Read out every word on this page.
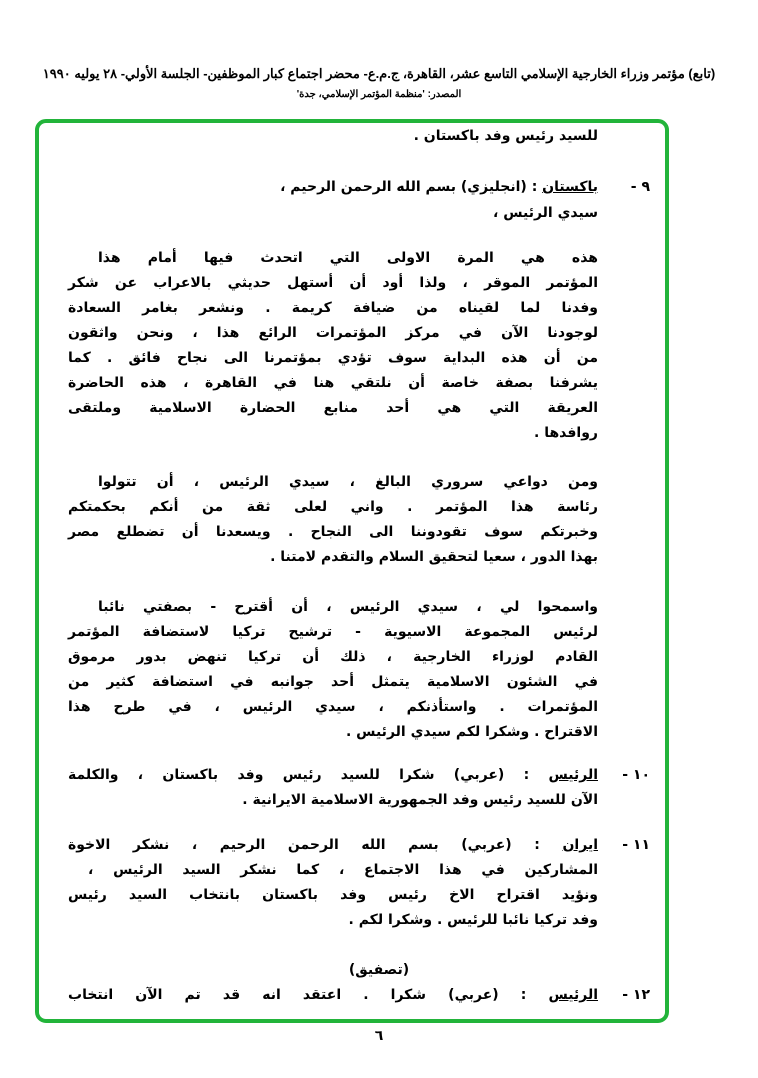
(تابع) مؤتمر وزراء الخارجية الإسلامي التاسع عشر، القاهرة، ج.م.ع- محضر اجتماع كبار الموظفين- الجلسة الأولي- ٢٨ يوليه ١٩٩٠
المصدر: 'منظمة المؤتمر الإسلامي، جدة'
للسيد رئيس وفد باكستان .
٩ -
باكستان ‏: (انجليزي) بسم الله الرحمن الرحيم ،
سيدي الرئيس ،
هذه هي المرة الاولى التي اتحدث فيها أمام هذا
المؤتمر الموقر ، ولذا أود أن أستهل حديثي بالاعراب عن شكر
وفدنا لما لقيناه من ضيافة كريمة . ونشعر بغامر السعادة
لوجودنا الآن في مركز المؤتمرات الرائع هذا ، ونحن واثقون
من أن هذه البداية سوف تؤدي بمؤتمرنا الى نجاح فائق . كما
يشرفنا بصفة خاصة أن نلتقي هنا في القاهرة ، هذه الحاضرة
العريقة التي هي أحد منابع الحضارة الاسلامية وملتقى
روافدها .
ومن دواعي سروري البالغ ، سيدي الرئيس ، أن تتولوا
رئاسة هذا المؤتمر . واني لعلى ثقة من أنكم بحكمتكم
وخبرتكم سوف تقودوننا الى النجاح . ويسعدنا أن تضطلع مصر
بهذا الدور ، سعيا لتحقيق السلام والتقدم لامتنا .
واسمحوا لي ، سيدي الرئيس ، أن أقترح - بصفتي نائبا
لرئيس المجموعة الاسيوية - ترشيح تركيا لاستضافة المؤتمر
القادم لوزراء الخارجية ، ذلك أن تركيا تنهض بدور مرموق
في الشئون الاسلامية يتمثل أحد جوانبه في استضافة كثير من
المؤتمرات . واستأذنكم ، سيدي الرئيس ، في طرح هذا
الاقتراح . وشكرا لكم سيدي الرئيس .
١٠ -
الرئيس ‏: (عربي) شكرا للسيد رئيس وفد باكستان ، والكلمة
الآن للسيد رئيس وفد الجمهورية الاسلامية الايرانية .
١١ -
ايران ‏: (عربي) بسم الله الرحمن الرحيم ، نشكر الاخوة
المشاركين في هذا الاجتماع ، كما نشكر السيد الرئيس ،
ونؤيد اقتراح الاخ رئيس وفد باكستان بانتخاب السيد رئيس
وفد تركيا نائبا للرئيس . وشكرا لكم .
(تصفيق)
١٢ -
الرئيس ‏: (عربي) شكرا . اعتقد انه قد تم الآن انتخاب
٦
